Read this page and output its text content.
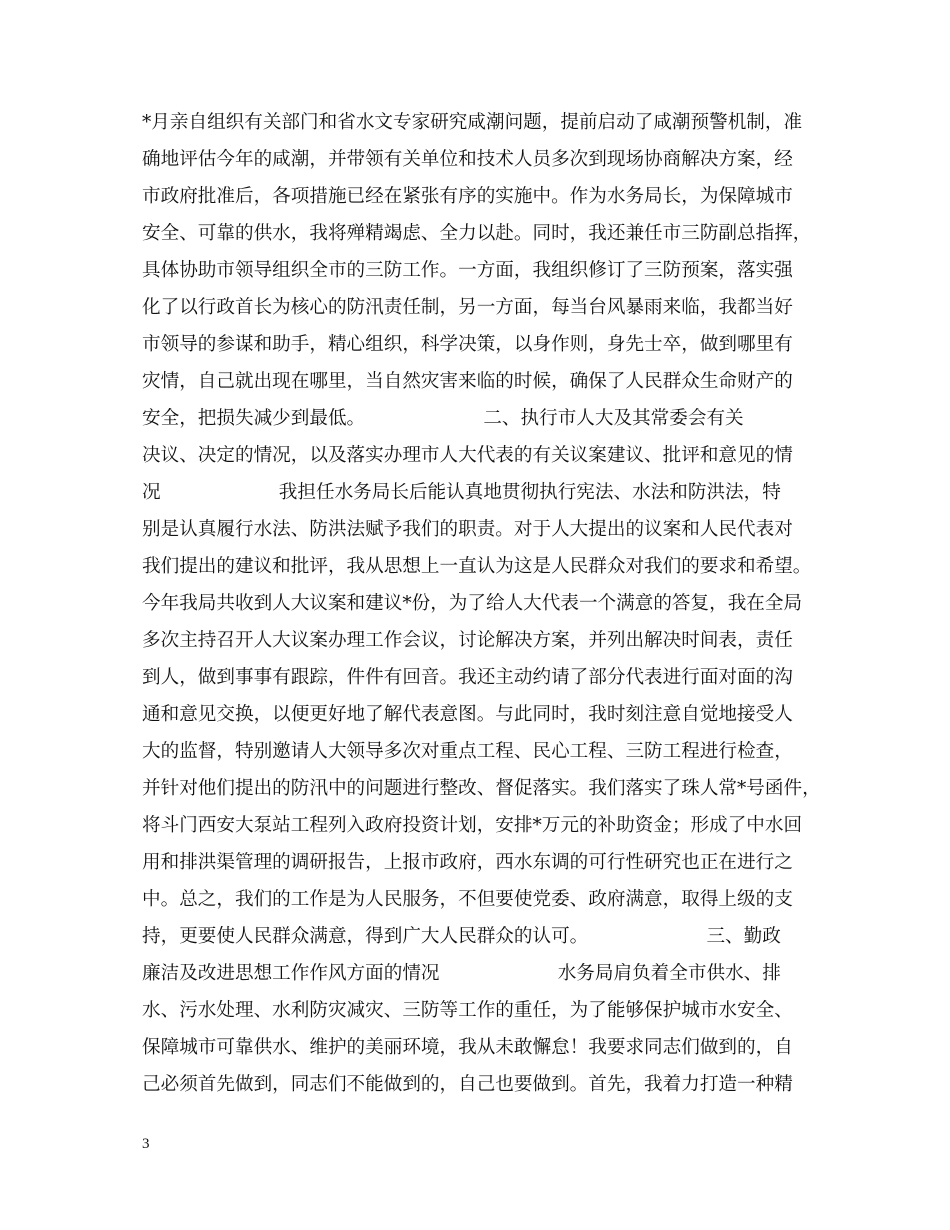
*月亲自组织有关部门和省水文专家研究咸潮问题，提前启动了咸潮预警机制，准
确地评估今年的咸潮，并带领有关单位和技术人员多次到现场协商解决方案，经
市政府批准后，各项措施已经在紧张有序的实施中。作为水务局长，为保障城市
安全、可靠的供水，我将殚精竭虑、全力以赴。同时，我还兼任市三防副总指挥，
具体协助市领导组织全市的三防工作。一方面，我组织修订了三防预案，落实强
化了以行政首长为核心的防汛责任制，另一方面，每当台风暴雨来临，我都当好
市领导的参谋和助手，精心组织，科学决策，以身作则，身先士卒，做到哪里有
灾情，自己就出现在哪里，当自然灾害来临的时候，确保了人民群众生命财产的
安全，把损失减少到最低。                    二、执行市人大及其常委会有关
决议、决定的情况，以及落实办理市人大代表的有关议案建议、批评和意见的情
况                    我担任水务局长后能认真地贯彻执行宪法、水法和防洪法，特
别是认真履行水法、防洪法赋予我们的职责。对于人大提出的议案和人民代表对
我们提出的建议和批评，我从思想上一直认为这是人民群众对我们的要求和希望。
今年我局共收到人大议案和建议*份，为了给人大代表一个满意的答复，我在全局
多次主持召开人大议案办理工作会议，讨论解决方案，并列出解决时间表，责任
到人，做到事事有跟踪，件件有回音。我还主动约请了部分代表进行面对面的沟
通和意见交换，以便更好地了解代表意图。与此同时，我时刻注意自觉地接受人
大的监督，特别邀请人大领导多次对重点工程、民心工程、三防工程进行检查，
并针对他们提出的防汛中的问题进行整改、督促落实。我们落实了珠人常*号函件，
将斗门西安大泵站工程列入政府投资计划，安排*万元的补助资金；形成了中水回
用和排洪渠管理的调研报告，上报市政府，西水东调的可行性研究也正在进行之
中。总之，我们的工作是为人民服务，不但要使党委、政府满意，取得上级的支
持，更要使人民群众满意，得到广大人民群众的认可。                    三、勤政
廉洁及改进思想工作作风方面的情况                    水务局肩负着全市供水、排
水、污水处理、水利防灾减灾、三防等工作的重任，为了能够保护城市水安全、
保障城市可靠供水、维护的美丽环境，我从未敢懈怠！我要求同志们做到的，自
己必须首先做到，同志们不能做到的，自己也要做到。首先，我着力打造一种精
3
